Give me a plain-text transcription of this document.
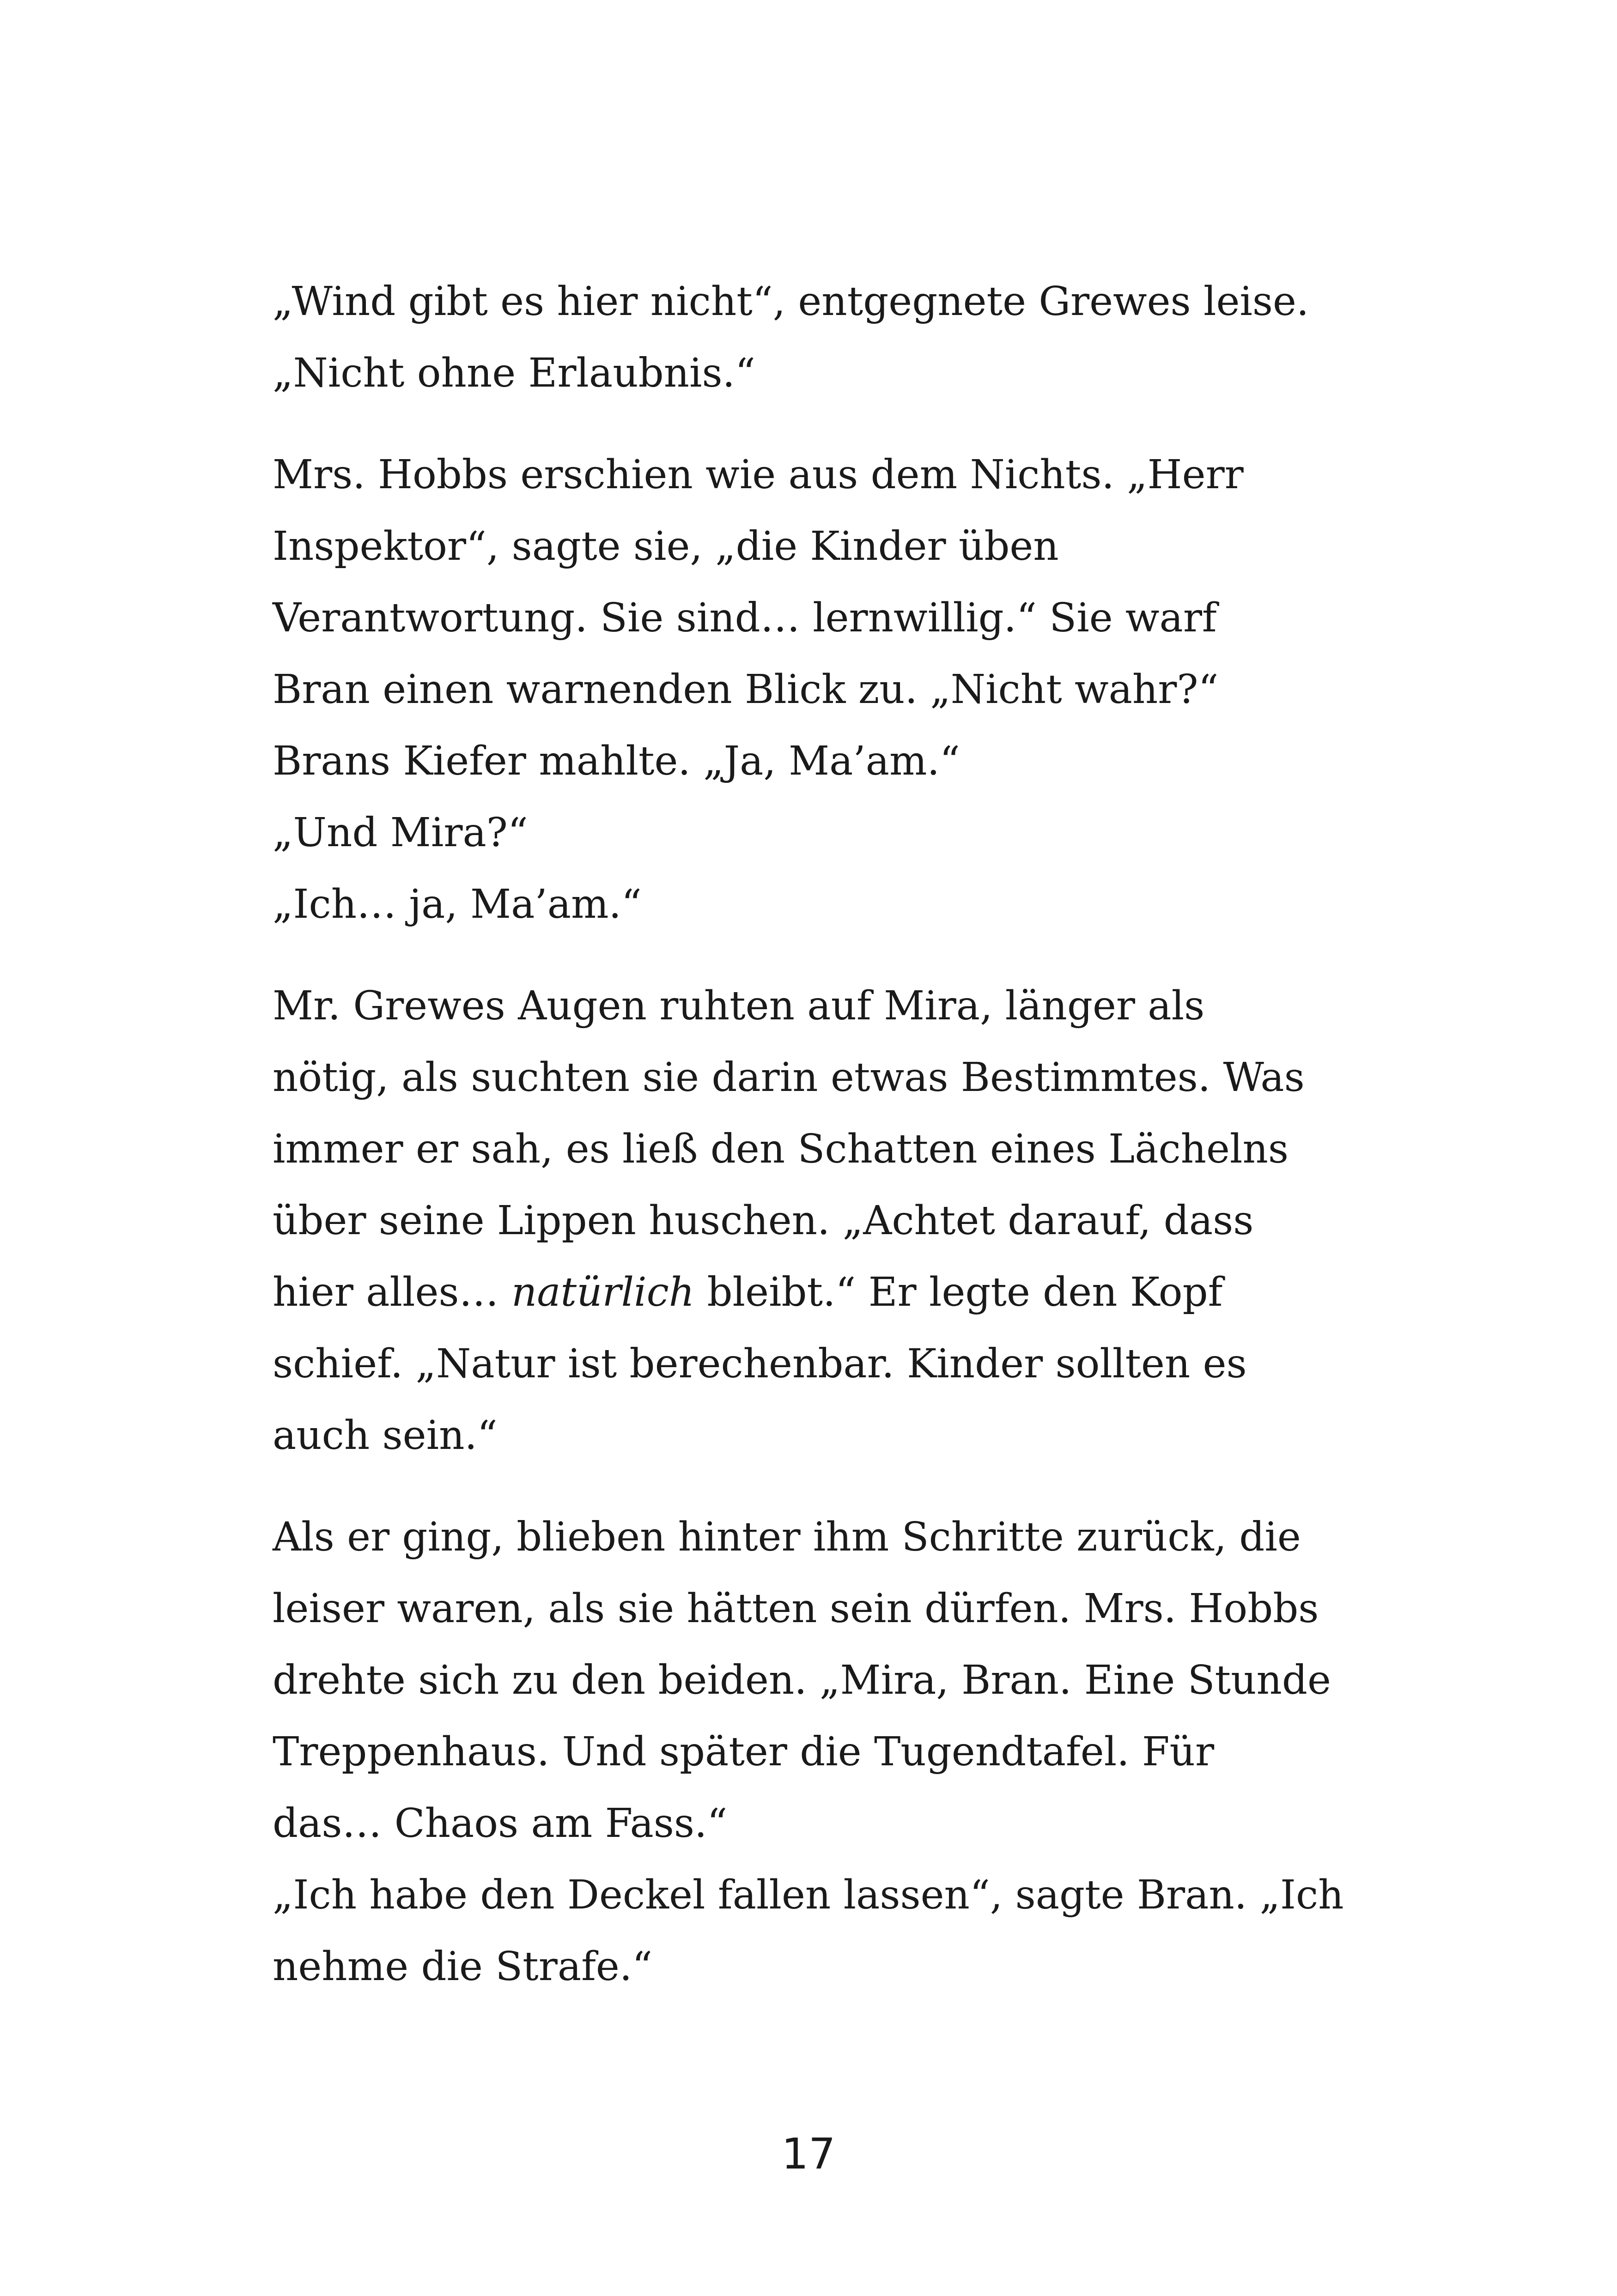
„Wind gibt es hier nicht“, entgegnete Grewes leise.
„Nicht ohne Erlaubnis.“
Mrs. Hobbs erschien wie aus dem Nichts. „Herr
Inspektor“, sagte sie, „die Kinder üben
Verantwortung. Sie sind… lernwillig.“ Sie warf
Bran einen warnenden Blick zu. „Nicht wahr?“
Brans Kiefer mahlte. „Ja, Ma’am.“
„Und Mira?“
„Ich… ja, Ma’am.“
Mr. Grewes Augen ruhten auf Mira, länger als
nötig, als suchten sie darin etwas Bestimmtes. Was
immer er sah, es ließ den Schatten eines Lächelns
über seine Lippen huschen. „Achtet darauf, dass
hier alles… natürlich bleibt.“ Er legte den Kopf
schief. „Natur ist berechenbar. Kinder sollten es
auch sein.“
Als er ging, blieben hinter ihm Schritte zurück, die
leiser waren, als sie hätten sein dürfen. Mrs. Hobbs
drehte sich zu den beiden. „Mira, Bran. Eine Stunde
Treppenhaus. Und später die Tugendtafel. Für
das… Chaos am Fass.“
„Ich habe den Deckel fallen lassen“, sagte Bran. „Ich
nehme die Strafe.“
17
